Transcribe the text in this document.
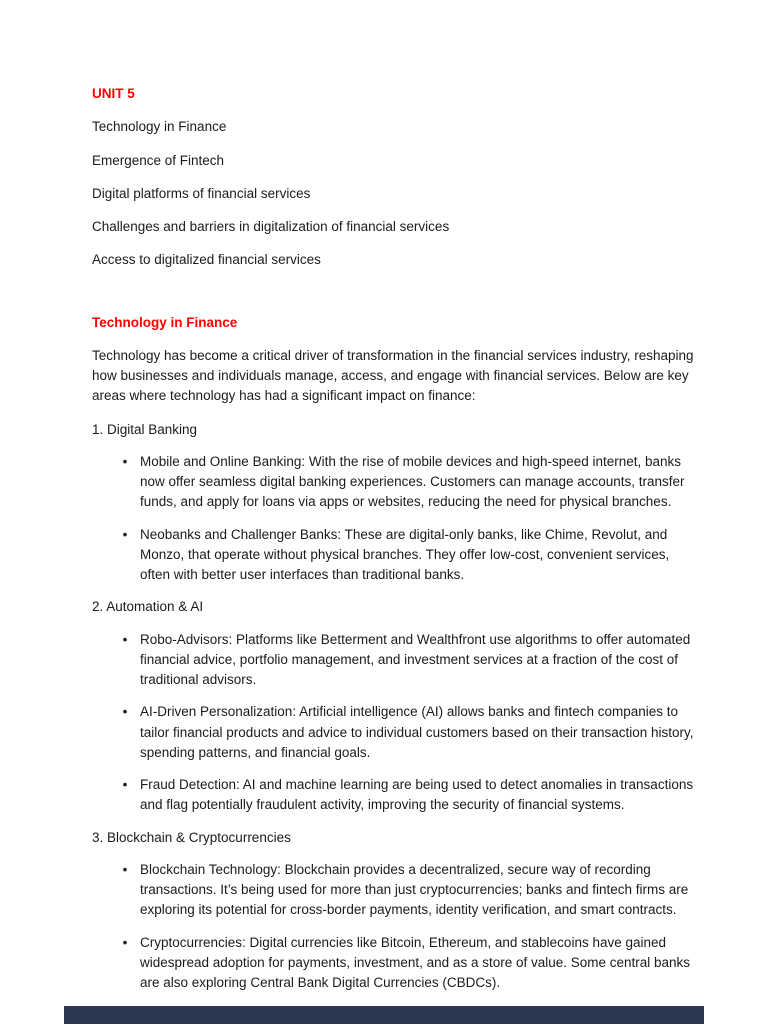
UNIT 5

Technology in Finance

Emergence of Fintech

Digital platforms of financial services

Challenges and barriers in digitalization of financial services

Access to digitalized financial services

Technology in Finance

Technology has become a critical driver of transformation in the financial services industry, reshaping how businesses and individuals manage, access, and engage with financial services. Below are key areas where technology has had a significant impact on finance:

1. Digital Banking

•
Mobile and Online Banking: With the rise of mobile devices and high-speed internet, banks now offer seamless digital banking experiences. Customers can manage accounts, transfer funds, and apply for loans via apps or websites, reducing the need for physical branches.
•
Neobanks and Challenger Banks: These are digital-only banks, like Chime, Revolut, and Monzo, that operate without physical branches. They offer low-cost, convenient services, often with better user interfaces than traditional banks.

2. Automation & AI

•
Robo-Advisors: Platforms like Betterment and Wealthfront use algorithms to offer automated financial advice, portfolio management, and investment services at a fraction of the cost of traditional advisors.
•
AI-Driven Personalization: Artificial intelligence (AI) allows banks and fintech companies to tailor financial products and advice to individual customers based on their transaction history, spending patterns, and financial goals.
•
Fraud Detection: AI and machine learning are being used to detect anomalies in transactions and flag potentially fraudulent activity, improving the security of financial systems.

3. Blockchain & Cryptocurrencies

•
Blockchain Technology: Blockchain provides a decentralized, secure way of recording transactions. It’s being used for more than just cryptocurrencies; banks and fintech firms are exploring its potential for cross-border payments, identity verification, and smart contracts.
•
Cryptocurrencies: Digital currencies like Bitcoin, Ethereum, and stablecoins have gained widespread adoption for payments, investment, and as a store of value. Some central banks are also exploring Central Bank Digital Currencies (CBDCs).
